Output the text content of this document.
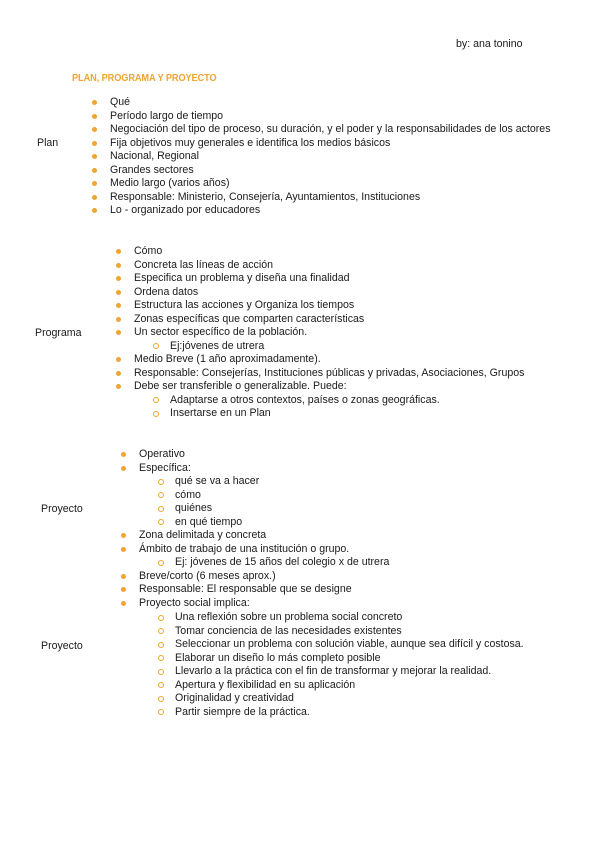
by: ana tonino
PLAN, PROGRAMA Y PROYECTO
Plan
Qué
Período largo de tiempo
Negociación del tipo de proceso, su duración, y el poder y la responsabilidades de los actores
Fija objetivos muy generales e identifica los medios básicos
Nacional, Regional
Grandes sectores
Medio largo (varios años)
Responsable: Ministerio, Consejería, Ayuntamientos, Instituciones
Lo - organizado por educadores
Programa
Cómo
Concreta las líneas de acción
Especifica un problema y diseña una finalidad
Ordena datos
Estructura las acciones y Organiza los tiempos
Zonas específicas que comparten características
Un sector específico de la población.
Ej:jóvenes de utrera
Medio Breve (1 año aproximadamente).
Responsable: Consejerías, Instituciones públicas y privadas, Asociaciones, Grupos
Debe ser transferible o generalizable. Puede:
Adaptarse a otros contextos, países o zonas geográficas.
Insertarse en un Plan
Proyecto
Operativo
Específica:
qué se va a hacer
cómo
quiénes
en qué tiempo
Zona delimitada y concreta
Ámbito de trabajo de una institución o grupo.
Ej: jóvenes de 15 años del colegio x de utrera
Breve/corto (6 meses aprox.)
Responsable: El responsable que se designe
Proyecto social implica:
Proyecto
Una reflexión sobre un problema social concreto
Tomar conciencia de las necesidades existentes
Seleccionar un problema con solución viable, aunque sea difícil y costosa.
Elaborar un diseño lo más completo posible
Llevarlo a la práctica con el fin de transformar y mejorar la realidad.
Apertura y flexibilidad en su aplicación
Originalidad y creatividad
Partir siempre de la práctica.
